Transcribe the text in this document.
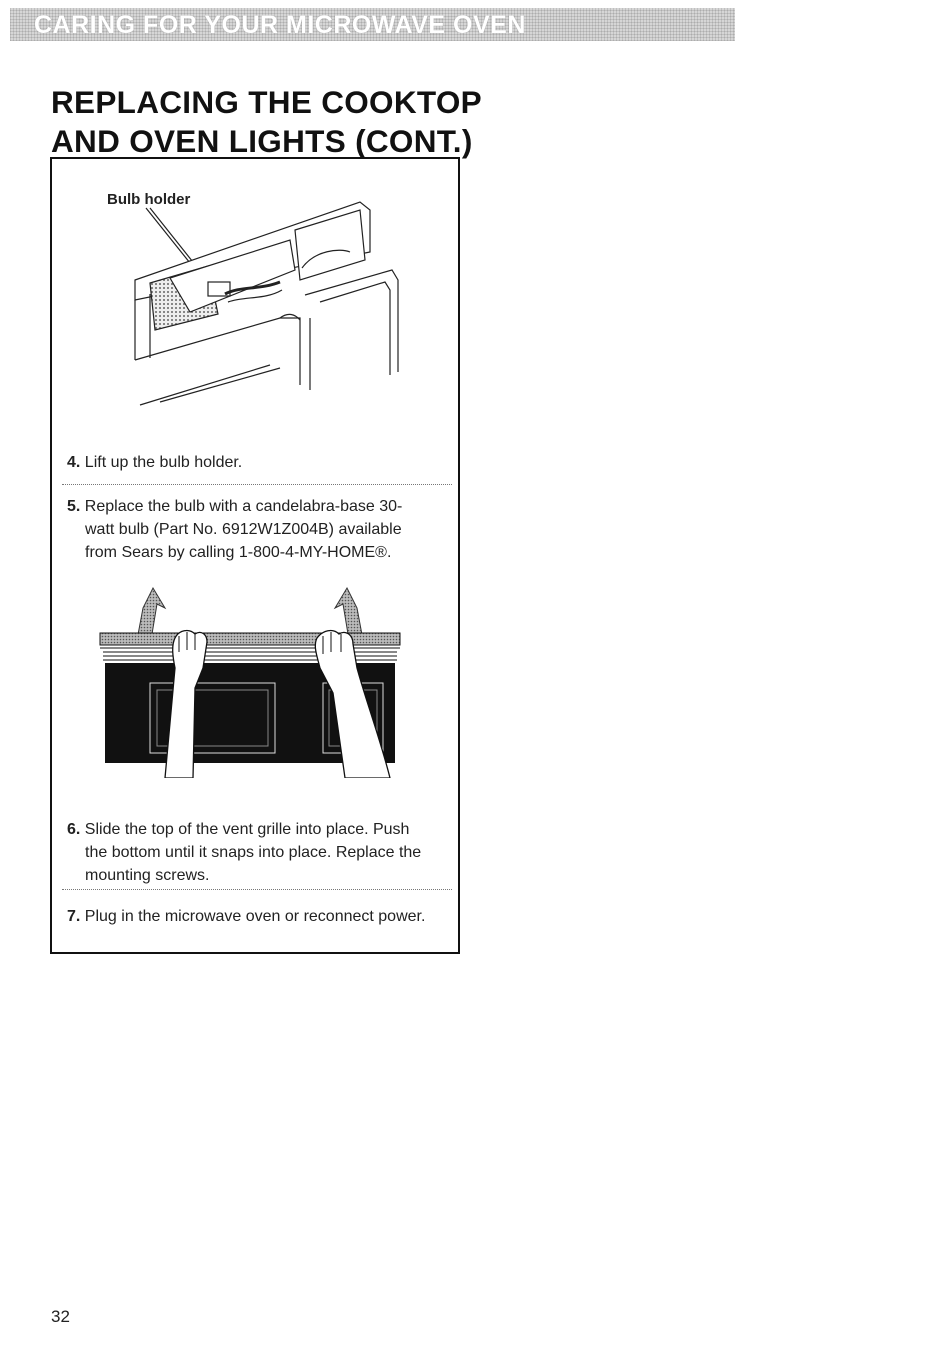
CARING FOR YOUR MICROWAVE OVEN
REPLACING THE COOKTOP
AND OVEN LIGHTS (CONT.)
Bulb holder
4. Lift up the bulb holder.
5. Replace the bulb with a candelabra-base 30-
watt bulb (Part No. 6912W1Z004B) available
from Sears by calling 1-800-4-MY-HOME®.
6. Slide the top of the vent grille into place. Push
the bottom until it snaps into place. Replace the
mounting screws.
7. Plug in the microwave oven or reconnect power.
32
